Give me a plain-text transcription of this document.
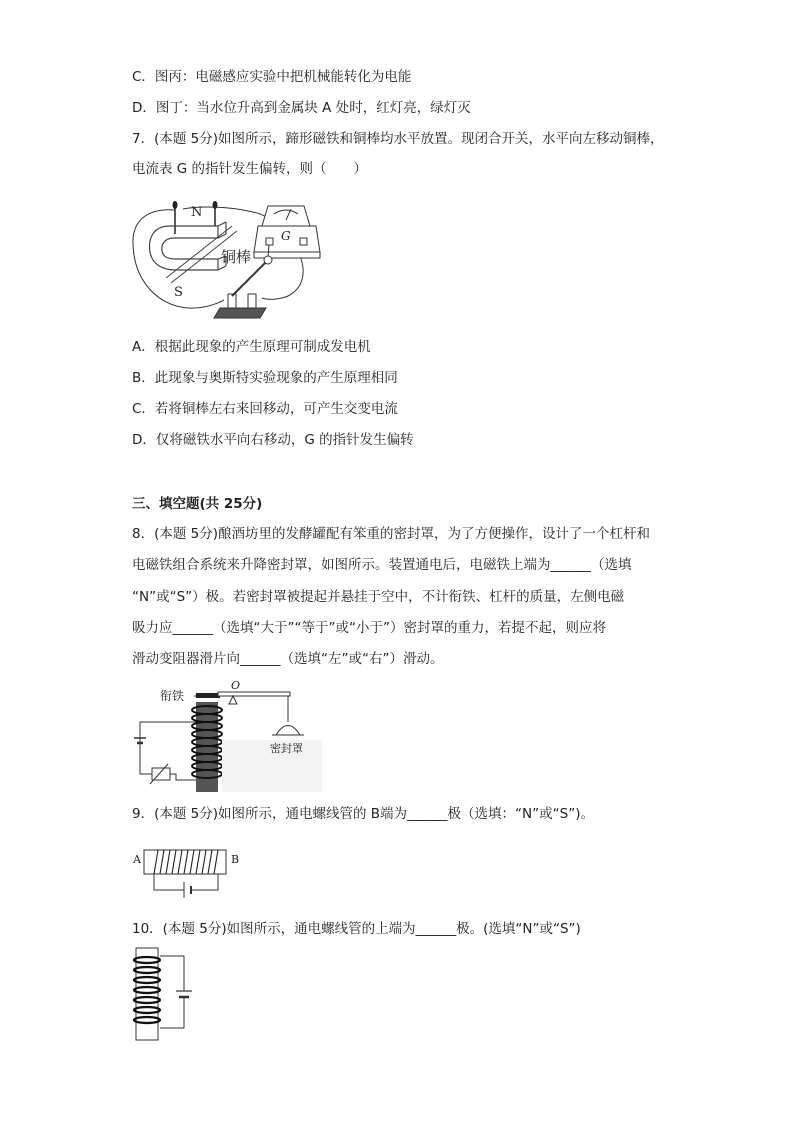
C．图丙：电磁感应实验中把机械能转化为电能
D．图丁：当水位升高到金属块 A 处时，红灯亮，绿灯灭
7．(本题 5分)如图所示，蹄形磁铁和铜棒均水平放置。现闭合开关，水平向左移动铜棒，
电流表 G 的指针发生偏转，则（　　）
N
S
铜棒
G
A．根据此现象的产生原理可制成发电机
B．此现象与奥斯特实验现象的产生原理相同
C．若将铜棒左右来回移动，可产生交变电流
D．仅将磁铁水平向右移动，G 的指针发生偏转
三、填空题(共 25分)
8．(本题 5分)酿酒坊里的发酵罐配有笨重的密封罩，为了方便操作，设计了一个杠杆和
电磁铁组合系统来升降密封罩，如图所示。装置通电后，电磁铁上端为______（选填
“N”或“S”）极。若密封罩被提起并悬挂于空中，不计衔铁、杠杆的质量，左侧电磁
吸力应______（选填“大于”“等于”或“小于”）密封罩的重力，若提不起，则应将
滑动变阻器滑片向______（选填“左”或“右”）滑动。
衔铁
O
密封罩
9．(本题 5分)如图所示，通电螺线管的 B端为______极（选填：“N”或“S”)。
A	B
10．(本题 5分)如图所示，通电螺线管的上端为______极。(选填“N”或“S”)
